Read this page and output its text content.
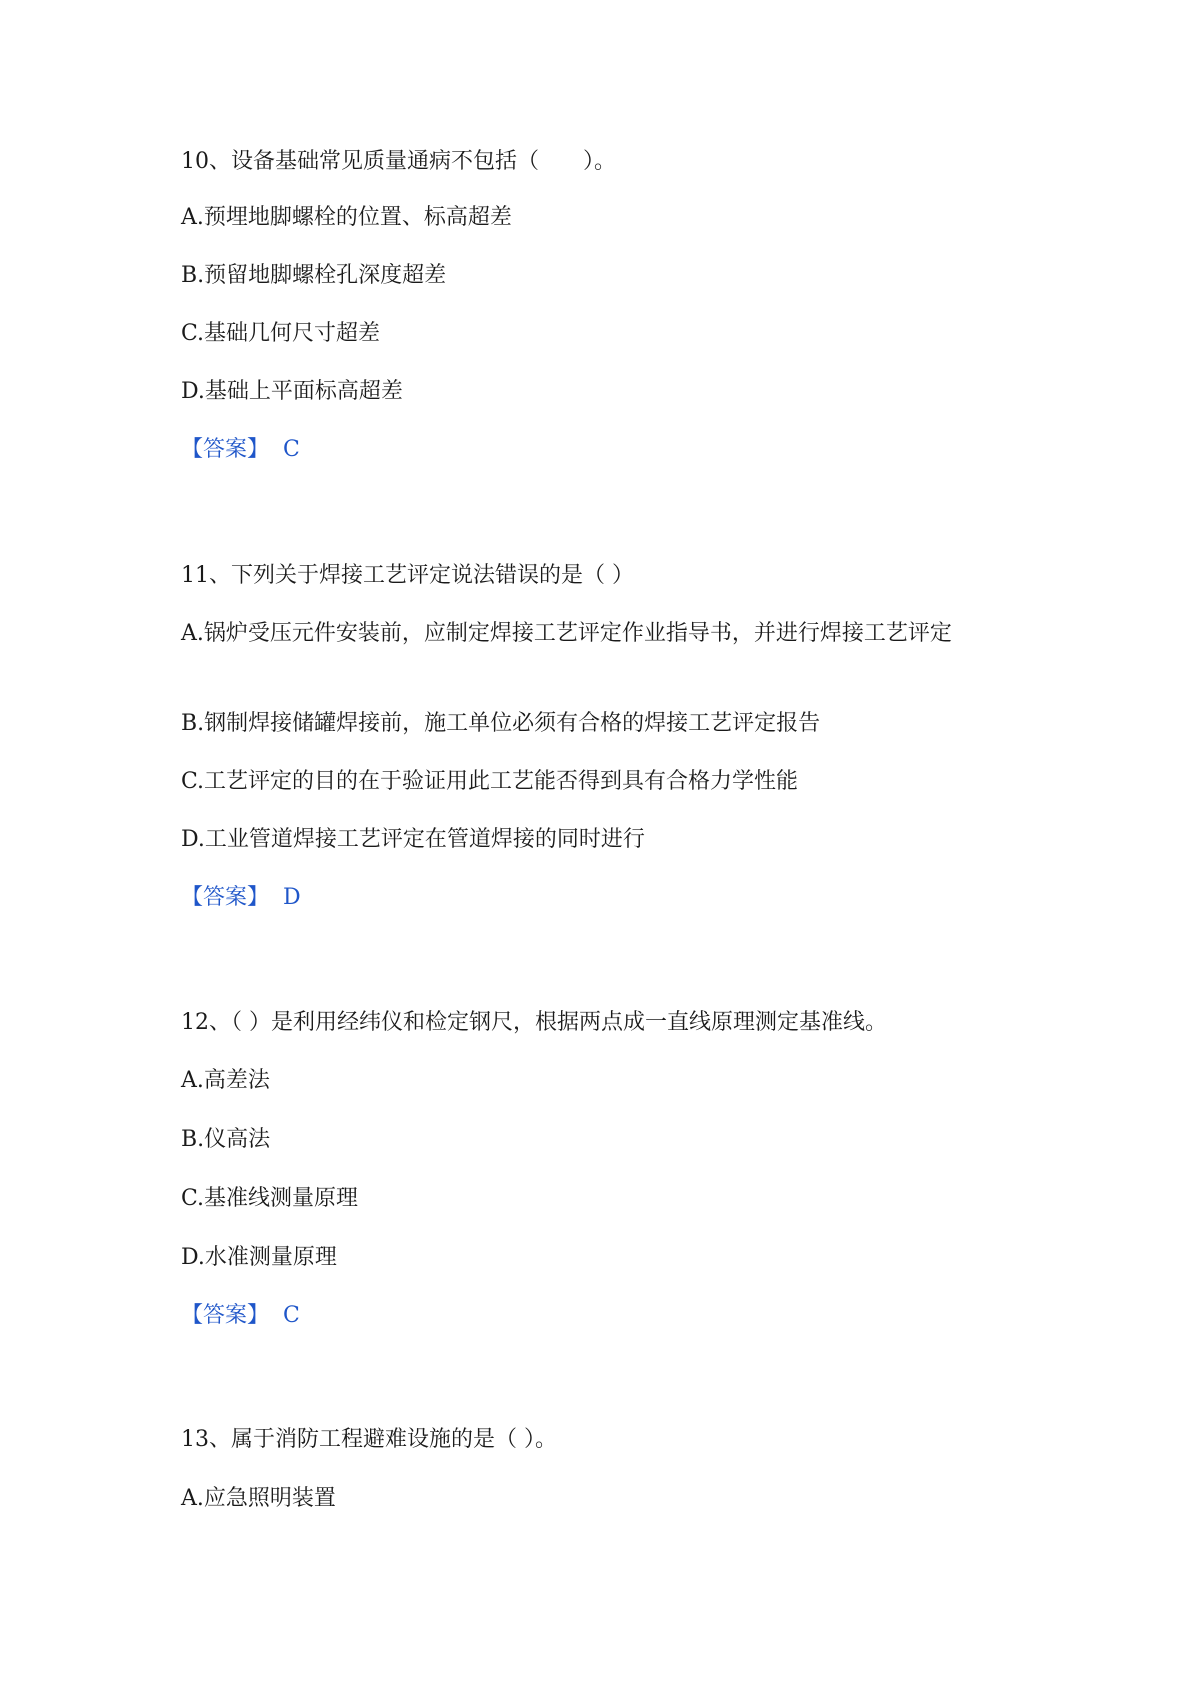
10、设备基础常见质量通病不包括（　　）。
A.预埋地脚螺栓的位置、标高超差
B.预留地脚螺栓孔深度超差
C.基础几何尺寸超差
D.基础上平面标高超差
【答案】 C
11、下列关于焊接工艺评定说法错误的是（ ）
A.锅炉受压元件安装前，应制定焊接工艺评定作业指导书，并进行焊接工艺评定
B.钢制焊接储罐焊接前，施工单位必须有合格的焊接工艺评定报告
C.工艺评定的目的在于验证用此工艺能否得到具有合格力学性能
D.工业管道焊接工艺评定在管道焊接的同时进行
【答案】 D
12、（ ）是利用经纬仪和检定钢尺，根据两点成一直线原理测定基准线。
A.高差法
B.仪高法
C.基准线测量原理
D.水准测量原理
【答案】 C
13、属于消防工程避难设施的是（ ）。
A.应急照明装置
